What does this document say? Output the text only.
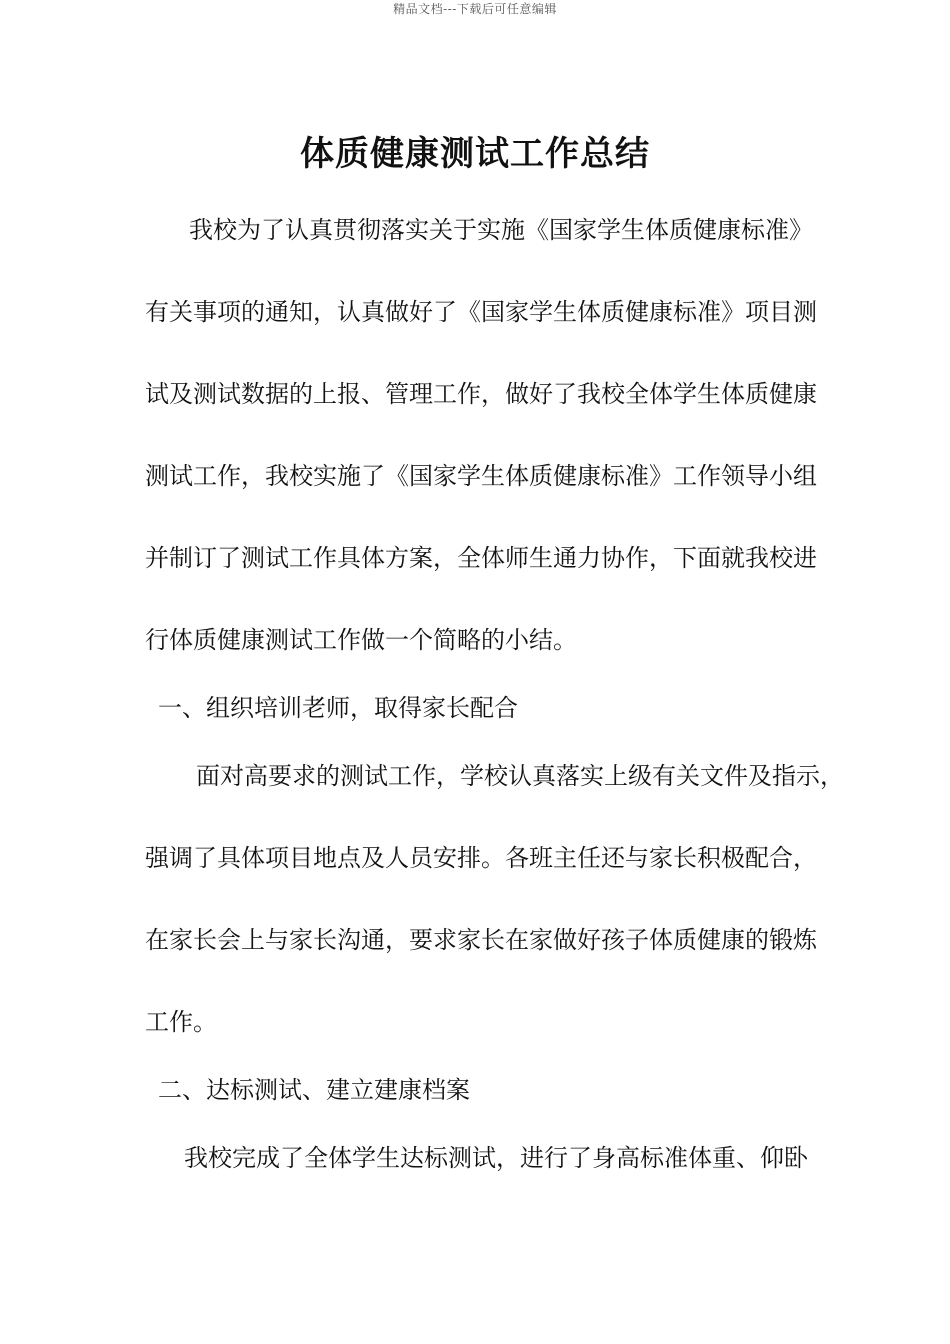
精品文档---下载后可任意编辑
体质健康测试工作总结

我校为了认真贯彻落实关于实施《国家学生体质健康标准》

有关事项的通知，认真做好了《国家学生体质健康标准》项目测

试及测试数据的上报、管理工作，做好了我校全体学生体质健康

测试工作，我校实施了《国家学生体质健康标准》工作领导小组

并制订了测试工作具体方案，全体师生通力协作，下面就我校进

行体质健康测试工作做一个简略的小结。

一、组织培训老师，取得家长配合

面对高要求的测试工作，学校认真落实上级有关文件及指示，

强调了具体项目地点及人员安排。各班主任还与家长积极配合，

在家长会上与家长沟通，要求家长在家做好孩子体质健康的锻炼

工作。

二、达标测试、建立建康档案

我校完成了全体学生达标测试，进行了身高标准体重、仰卧
